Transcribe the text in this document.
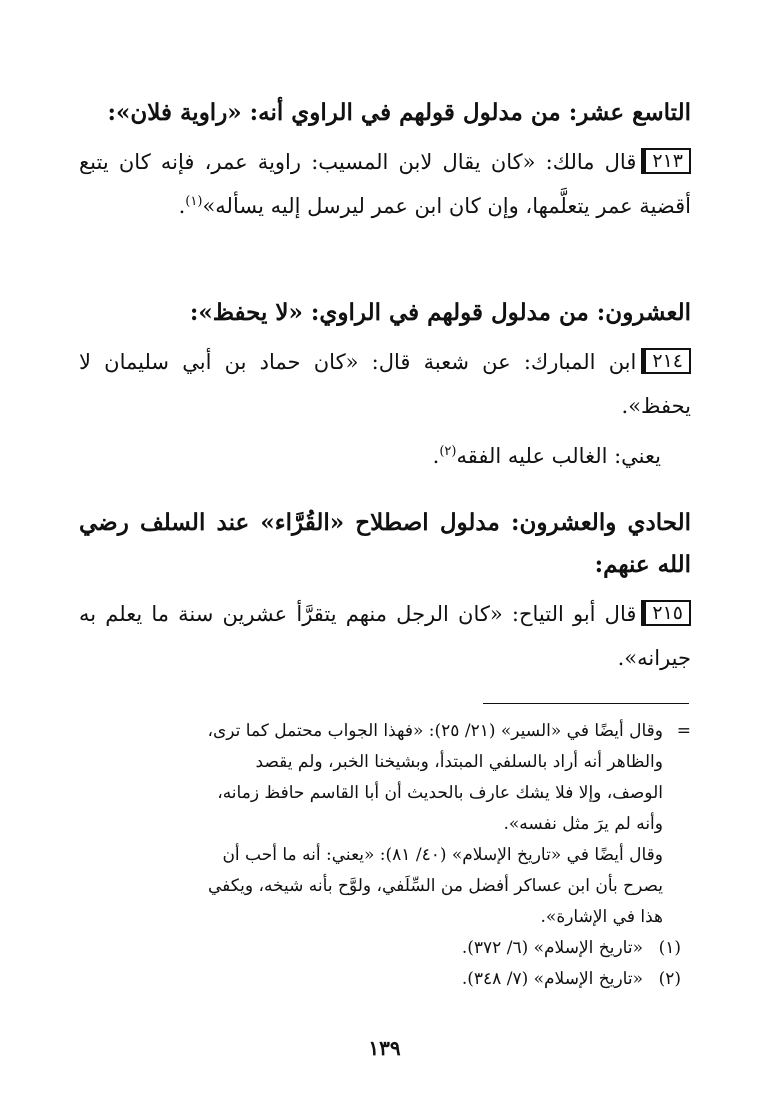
التاسع عشر: من مدلول قولهم في الراوي أنه: «راوية فلان»:
٢١٣قال مالك: «كان يقال لابن المسيب: راوية عمر، فإنه كان يتبع أقضية عمر يتعلَّمها، وإن كان ابن عمر ليرسل إليه يسأله»$^{(١)}$.
العشرون: من مدلول قولهم في الراوي: «لا يحفظ»:
٢١٤ابن المبارك: عن شعبة قال: «كان حماد بن أبي سليمان لا يحفظ».
يعني: الغالب عليه الفقه$^{(٢)}$.
الحادي والعشرون: مدلول اصطلاح «القُرَّاء» عند السلف رضي الله عنهم:
٢١٥قال أبو التياح: «كان الرجل منهم يتقرَّأ عشرين سنة ما يعلم به جيرانه».
=
وقال أيضًا في «السير» (٢١/ ٢٥): «فهذا الجواب محتمل كما ترى،
والظاهر أنه أراد بالسلفي المبتدأ، وبشيخنا الخبر، ولم يقصد
الوصف، وإلا فلا يشك عارف بالحديث أن أبا القاسم حافظ زمانه،
وأنه لم يرَ مثل نفسه».
وقال أيضًا في «تاريخ الإسلام» (٤٠/ ٨١): «يعني: أنه ما أحب أن
يصرح بأن ابن عساكر أفضل من السِّلَفي، ولوَّح بأنه شيخه، ويكفي
هذا في الإشارة».
(١)«تاريخ الإسلام» (٦/ ٣٧٢).
(٢)«تاريخ الإسلام» (٧/ ٣٤٨).
١٣٩
